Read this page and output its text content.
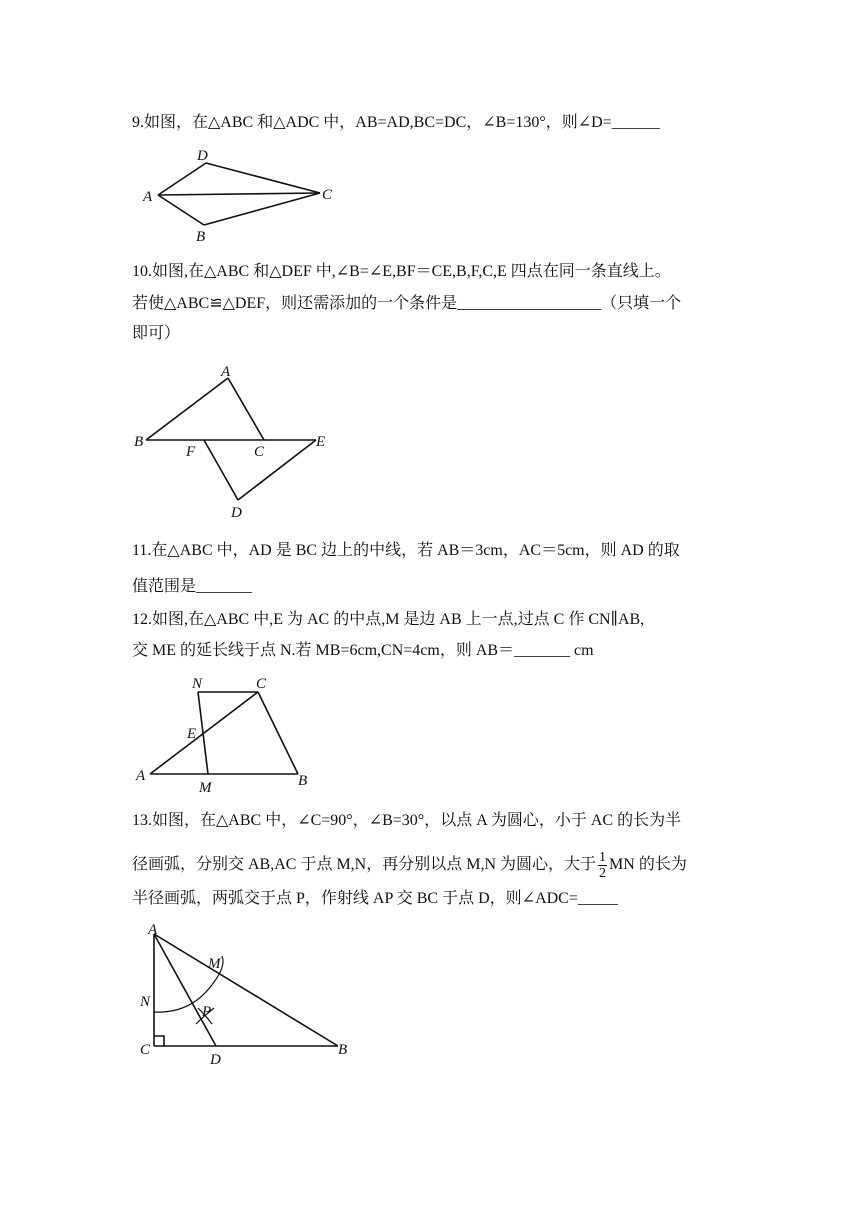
9.如图，在△ABC 和△ADC 中，AB=AD,BC=DC，∠B=130°，则∠D=______
D
A	C
B
10.如图,在△ABC 和△DEF 中,∠B=∠E,BF＝CE,B,F,C,E 四点在同一条直线上。
若使△ABC≌△DEF，则还需添加的一个条件是__________________（只填一个
即可）
A
B
F	C
E
D
11.在△ABC 中，AD 是 BC 边上的中线，若 AB＝3cm，AC＝5cm，则 AD 的取
值范围是_______
12.如图,在△ABC 中,E 为 AC 的中点,M 是边 AB 上一点,过点 C 作 CN∥AB,
交 ME 的延长线于点 N.若 MB=6cm,CN=4cm，则 AB＝_______ cm
N	C
E
A
M	B
13.如图，在△ABC 中，∠C=90°，∠B=30°，以点 A 为圆心，小于 AC 的长为半
径画弧，分别交 AB,AC 于点 M,N，再分别以点 M,N 为圆心，大于 $\frac{1}{2}$ MN 的长为
半径画弧，两弧交于点 P，作射线 AP 交 BC 于点 D，则∠ADC=_____
A
M
N
P
C
D
B
